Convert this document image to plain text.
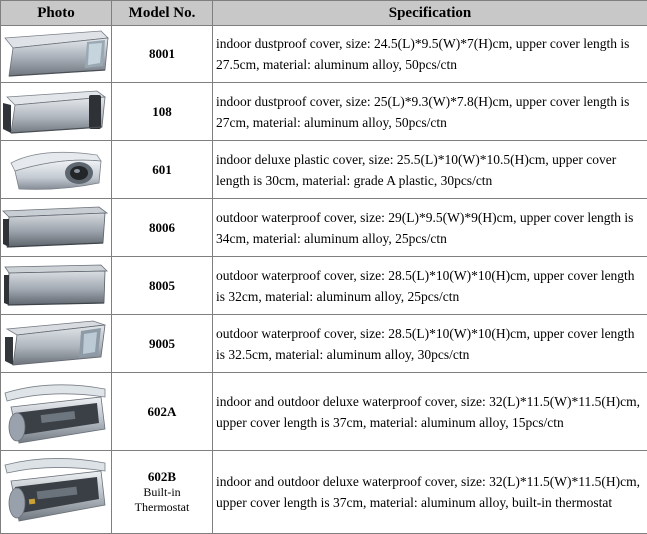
Photo	Model No.	Specification

	8001	indoor dustproof cover, size: 24.5(L)*9.5(W)*7(H)cm, upper cover length is 27.5cm, material: aluminum alloy, 50pcs/ctn

	108	indoor dustproof cover, size: 25(L)*9.3(W)*7.8(H)cm, upper cover length is 27cm, material: aluminum alloy, 50pcs/ctn

	601	indoor deluxe plastic cover, size: 25.5(L)*10(W)*10.5(H)cm, upper cover length is 30cm, material: grade A plastic, 30pcs/ctn

	8006	outdoor waterproof cover, size: 29(L)*9.5(W)*9(H)cm, upper cover length is 34cm, material: aluminum alloy, 25pcs/ctn

	8005	outdoor waterproof cover, size: 28.5(L)*10(W)*10(H)cm, upper cover length is 32cm, material: aluminum alloy, 25pcs/ctn

	9005	outdoor waterproof cover, size: 28.5(L)*10(W)*10(H)cm, upper cover length is 32.5cm, material: aluminum alloy, 30pcs/ctn

	602A	indoor and outdoor deluxe waterproof cover, size: 32(L)*11.5(W)*11.5(H)cm, upper cover length is 37cm, material: aluminum alloy, 15pcs/ctn

	602B
Built-in
Thermostat	indoor and outdoor deluxe waterproof cover, size: 32(L)*11.5(W)*11.5(H)cm, upper cover length is 37cm, material: aluminum alloy, built-in thermostat
